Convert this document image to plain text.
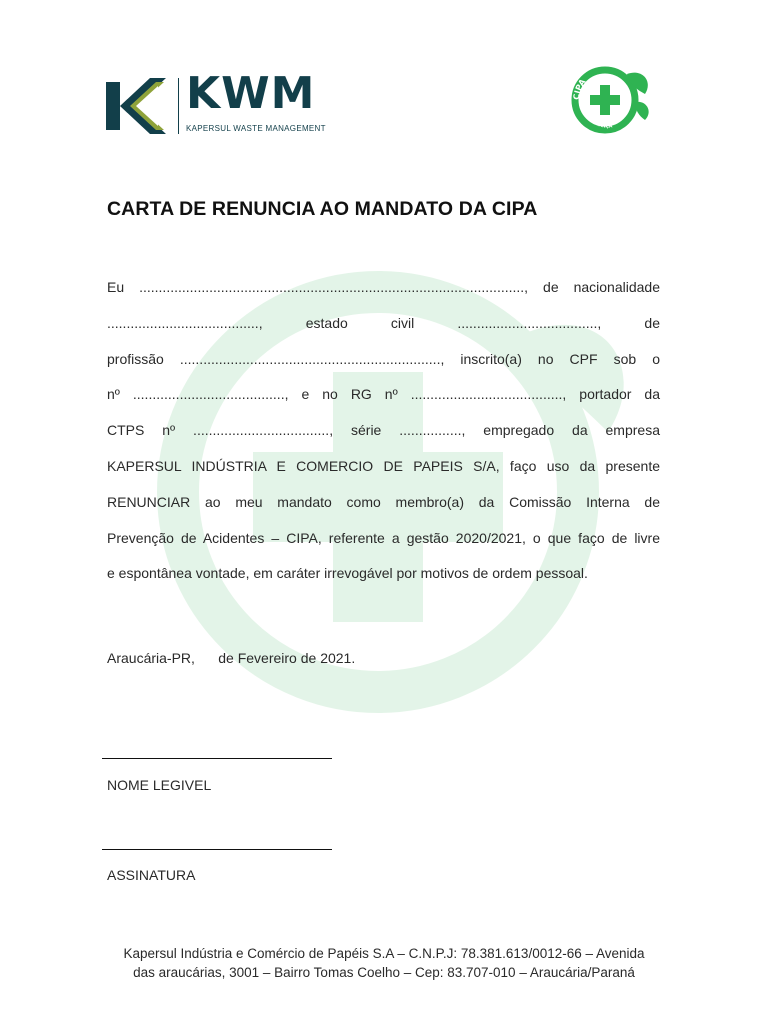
KWM
KAPERSUL WASTE MANAGEMENT
CIPA
SEGURANÇA
CARTA DE RENUNCIA AO MANDATO DA CIPA
Eu ..................................................................................................., de nacionalidade
......................................., estado civil ...................................., de
profissão ..................................................................., inscrito(a) no CPF sob o
nº ......................................., e no RG nº ......................................., portador da
CTPS nº ..................................., série ................, empregado da empresa
KAPERSUL INDÚSTRIA E COMERCIO DE PAPEIS S/A, faço uso da presente
RENUNCIAR ao meu mandato como membro(a) da Comissão Interna de
Prevenção de Acidentes – CIPA, referente a gestão 2020/2021, o que faço de livre
e espontânea vontade, em caráter irrevogável por motivos de ordem pessoal.
Araucária-PR,      de Fevereiro de 2021.
NOME LEGIVEL
ASSINATURA
Kapersul Indústria e Comércio de Papéis S.A – C.N.P.J: 78.381.613/0012-66 – Avenida
das araucárias, 3001 – Bairro Tomas Coelho – Cep: 83.707-010 – Araucária/Paraná
